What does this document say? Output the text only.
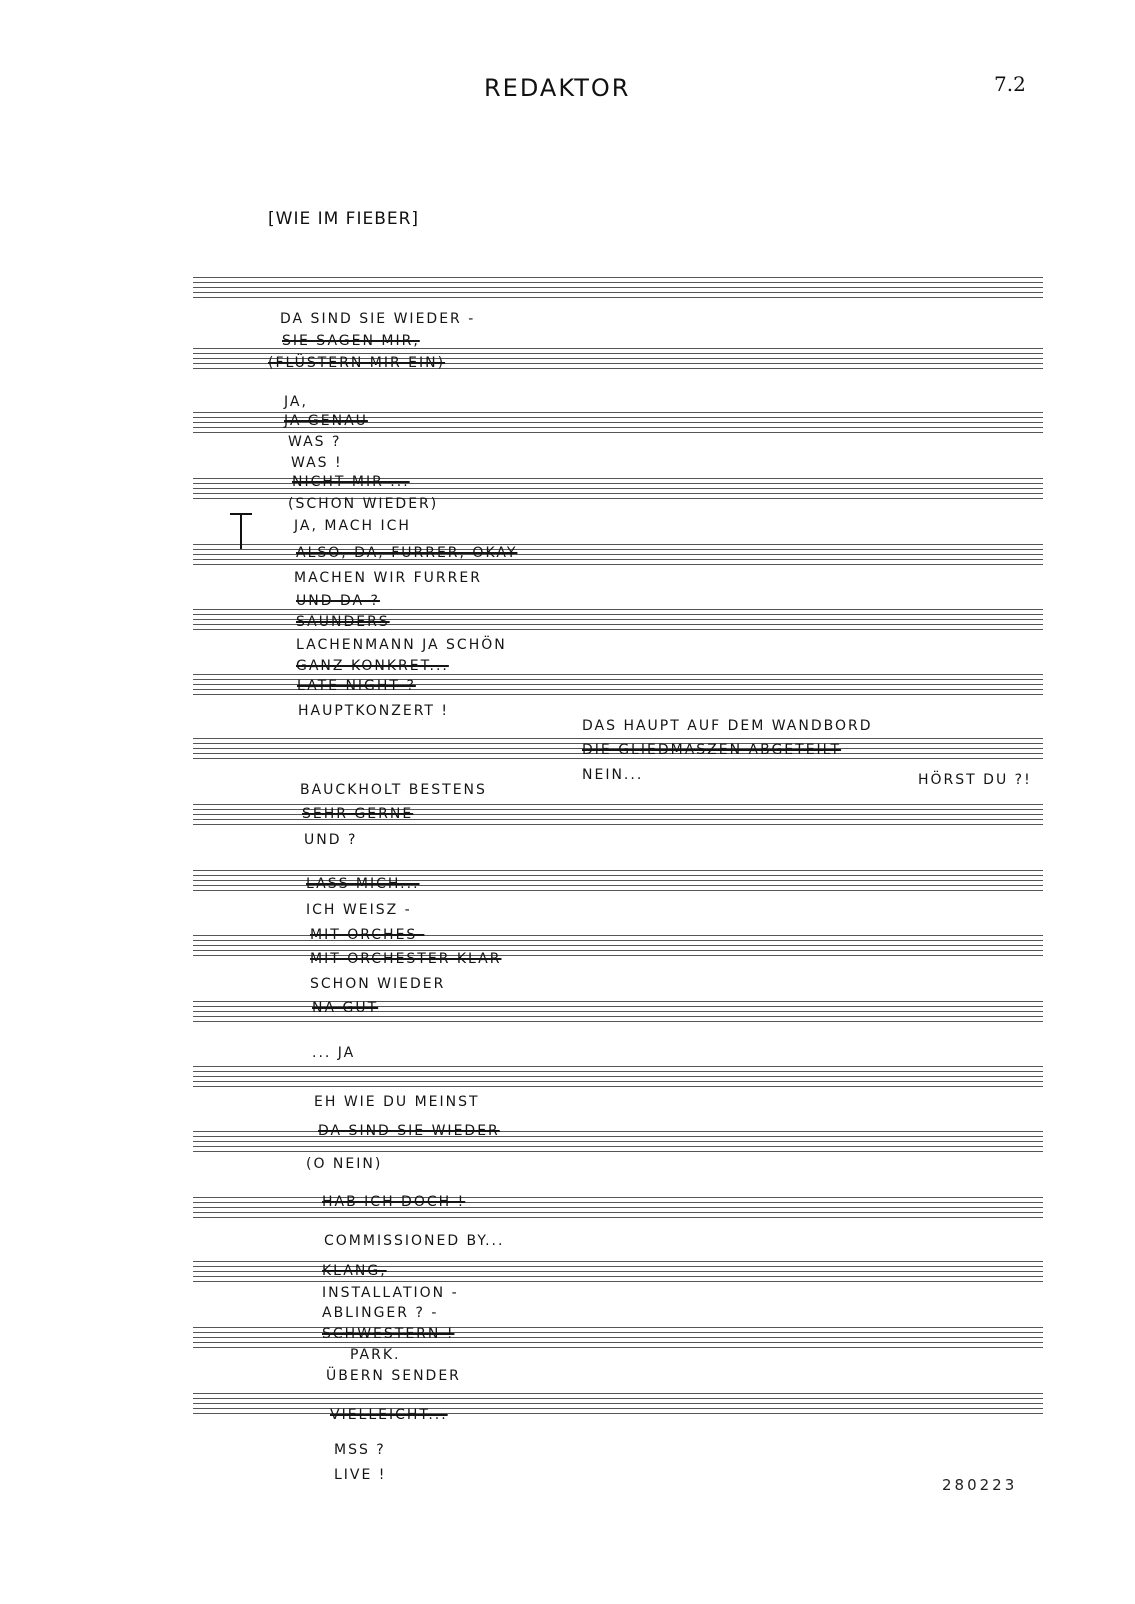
REDAKTOR	7.2
[WIE IM FIEBER]
DA SIND SIE WIEDER -
SIE SAGEN MIR,
(FLÜSTERN MIR EIN)
JA,
JA GENAU
WAS ?
WAS !
NICHT MIR ...
(SCHON WIEDER)
JA, MACH ICH
ALSO, DA, FURRER, OKAY
MACHEN WIR FURRER
UND DA ?
SAUNDERS
LACHENMANN JA SCHÖN
GANZ KONKRET...
LATE NIGHT ?
HAUPTKONZERT !
DAS HAUPT AUF DEM WANDBORD
DIE GLIEDMASZEN ABGETEILT
NEIN...	HÖRST DU ?!
BAUCKHOLT BESTENS
SEHR GERNE
UND ?
LASS MICH...
ICH WEISZ -
MIT ORCHES-
MIT ORCHESTER KLAR
SCHON WIEDER
NA GUT
... JA
EH WIE DU MEINST
DA SIND SIE WIEDER
(O NEIN)
HAB ICH DOCH !
COMMISSIONED BY...
KLANG,
INSTALLATION -
ABLINGER ? -
SCHWESTERN !
PARK.
ÜBERN SENDER
VIELLEICHT...
MSS ?
LIVE !
280223
